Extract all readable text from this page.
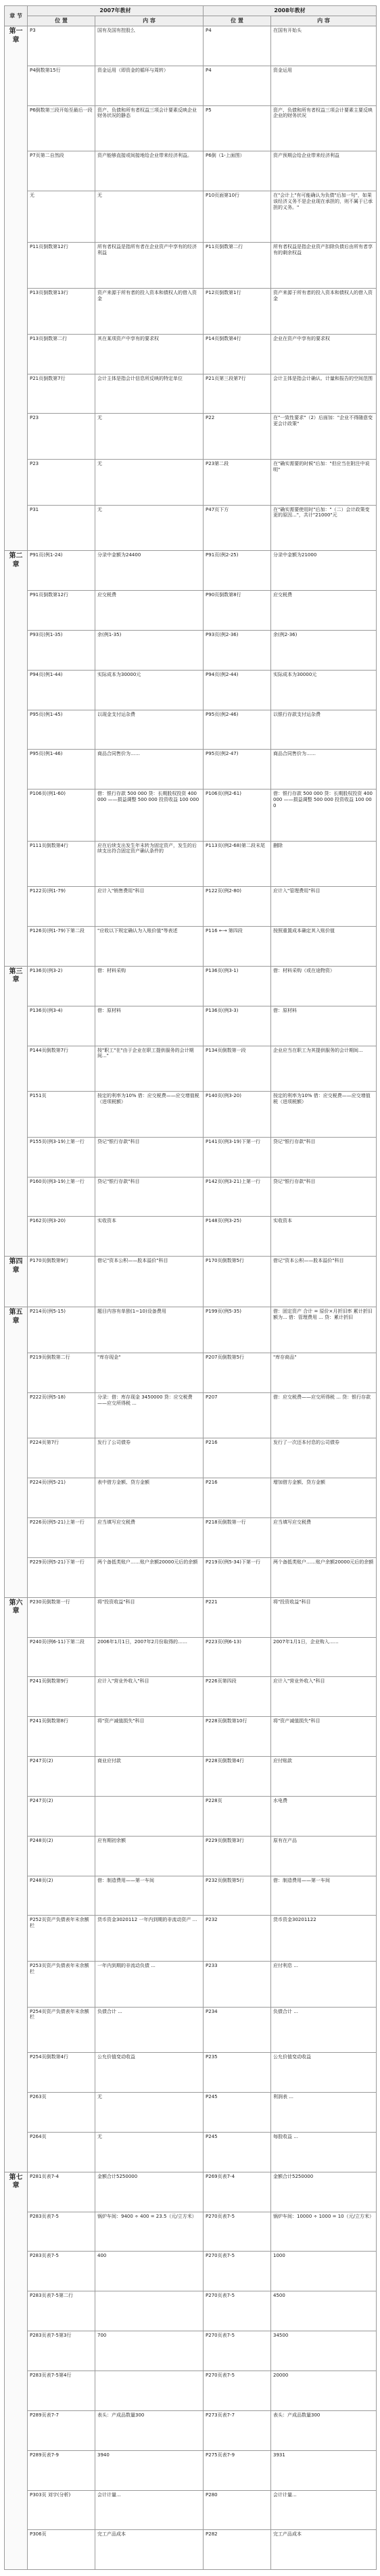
章 节	2007年教材		2008年教材	
	位 置	内 容	位 置	内 容
第一章	P3	国有及国有控股么	P4	在国有开始头
	P4倒数第15行	资金运用（即资金的循环与周转）	P4	资金运用
	P6倒数第三段开始至最后一段	资产、负债和所有者权益三项会计要素反映企业财务状况的静态	P5	资产、负债和所有者权益三项会计要素主要反映企业的财务状况
	P7页第二自然段	资产能够直接或间接地给企业带来经济利益。	P6倒（1-上面图）	资产预期会给企业带来经济利益
	无	无	P10页面第10行	在"会计上"有可能确认为负债"后加一句"，如果该经济义务不是企业现在承担的，则不属于已承担的义务。"
	P11页倒数第12行	所有者权益是指所有者在企业资产中享有的经济利益	P11页倒数第二行	所有者权益是指企业资产扣除负债后由所有者享有的剩余权益
	P13页倒数第13行	资产来源于所有者的投入资本和债权人的借入资金	P12页倒数第1行	资产来源于所有者的投入资本和债权人的借入资金
	P13页倒数第二行	其在某项资产中享有的要求权	P14页倒数第4行	企业在资产中享有的要求权
	P21页倒数第7行	会计主体是指会计信息所反映的特定单位	P21页第三段第7行	会计主体是指会计确认、计量和报告的空间范围
	P23	无	P22	在"一致性要求"（2）后面加："企业不得随意变更会计政策"
	P23	无	P23第二段	在"确实需要的时候"后加："但应当在附注中说明"
	P31	无	P47页下方	在"确实需要使用时"后加："（二）会计政策变更的原因..."，共计"21000"元
第二章	P91页(例1-24)	分录中金额为24400	P91页(例2-25)	分录中金额为21000
	P91页倒数第12行	应交税费	P90页倒数第8行	应交税费
	P93页(例1-35)	余(例1-35)	P93页(例2-36)	余(例2-36)
	P94页(例1-44)	实际成本为30000元	P94页(例2-44)	实际成本为30000元
	P95页(例1-45)	以现金支付运杂费	P95页(例2-46)	以银行存款支付运杂费
	P95页(例1-46)	商品合同售价为……	P95页(例2-47)	商品合同售价为……
	P106页(例1-60)	借：银行存款 500 000 贷：长期股权投资 400 000 ——损益调整 500 000 投资收益 100 000	P106页(例2-61)	借：银行存款 500 000 贷：长期股权投资 400 000 ——损益调整 500 000 投资收益 100 000
	P111页倒数第4行	应在后续支出发生年末转为固定资产，发生的后续支出符合固定资产确认条件的	P113页(例2-68)第二段末尾	删除
	P122页(例1-79)	应计入"销售费用"科目	P122页(例2-80)	应计入"管理费用"科目
	P126页(例1-79)下第二段	"应收以下规定确认为入账价值"等表述	P116 ←→ 第四段	按照重置成本确定其入账价值
第三章	P136页(例3-2)	借：材料采购	P136页(例3-1)	借：材料采购（或在途物资）
	P136页(例3-4)	借：原材料	P136页(例3-3)	借：原材料
	P144页倒数第7行	按"职工"在"由于企业在职工提供服务的会计期间..."	P134页倒数第一段	企业应当在职工为其提供服务的会计期间...
	P151页	按定的利率为10% 借：应交税费——应交增值税（进项税额）	P140页(例3-20)	按定的利率为10% 借：应交税费——应交增值税（进项税额）
	P155页(例3-19)上第一行	贷记"银行存款"科目	P141页(例3-19)下第一行	贷记"银行存款"科目
	P160页(例3-19)上第一行	贷记"银行存款"科目	P142页(例3-21)上第一行	贷记"银行存款"科目
	P162页(例3-20)	实收资本	P148页(例3-25)	实收资本
第四章	P170页倒数第9行	借记"资本公积——股本溢价"科目	P170页倒数第5行	借记"资本公积——股本溢价"科目
第五章	P214页(例5-15)	题目内容有单独(1~10)设备费用	P199页(例5-35)	借：固定资产 合计 = 原价×月折旧率 累计折旧额为... 借：管理费用 ... 贷：累计折旧
	P219页倒数第二行	"库存现金"	P207页倒数第5行	"库存商品"
	P222页(例5-18)	分录：借：库存现金 3450000 贷：应交税费——应交所得税 ...	P207	借：应交税费——应交所得税 ... 贷：银行存款
	P224页第7行	发行了公司债券	P216	发行了一次还本付息的公司债券
	P224页(例5-21)	表中借方金额、贷方金额	P216	增加借方金额、贷方金额
	P226页(例5-21)上第一行	应当填写应交税费	P218页倒数第一行	应当填写应交税费
	P229页(例5-21)下第一行	两个备抵类账户……账户余额20000元后的余额	P219页(例5-34)下第一行	两个备抵类账户……账户余额20000元后的余额
第六章	P230页倒数第一行	将"投资收益"科目	P221	将"投资收益"科目
	P240页(例6-11)下第二段	2006年1月1日，2007年2月份取得的……	P223页(例6-13)	2007年1月1日，企业购入……
	P241页倒数第9行	应计入"营业外收入"科目	P226页第四段	应计入"营业外收入"科目
	P241页倒数第8行	将"资产减值损失"科目	P228页倒数第10行	将"资产减值损失"科目
	P247页(2)	商业应付款	P228页倒数第4行	应付账款
	P247页(2)		P228页	水电费
	P248页(2)	应有期初余额	P229页倒数第3行	原有在产品
	P248页(2)	借：制造费用——第一车间	P232页倒数第5行	借：制造费用——第一车间
	P252页资产负债表年末余额栏	货币资金3020112 一年内到期的非流动资产 ...	P232	货币资金30201122
	P253页资产负债表年末余额栏	一年内到期的非流动负债 ...	P233	应付利息 ...
	P254页资产负债表年末余额栏	负债合计 ...	P234	负债合计 ...
	P254页倒数第4行	公允价值变动收益	P235	公允价值变动收益
	P263页	无	P245	利润表 ...
	P264页	无	P245	每股收益 ...
第七章	P281页表7-4	金额合计5250000	P269页表7-4	金额合计5250000
	P283页表7-5	锅炉车间：9400 ÷ 400 = 23.5（元/立方米）	P270页表7-5	锅炉车间：10000 ÷ 1000 = 10（元/立方米）
	P283页表7-5	400	P270页表7-5	1000
	P283页表7-5第二行		P270页表7-5	4500
	P283页表7-5第3行	700	P270页表7-5	34500
	P283页表7-5第4行		P270页表7-5	20000
	P289页表7-7	表头：产成品数量300	P273页表7-7	表头：产成品数量300
	P289页表7-9	3940	P275页表7-9	3931
	P303页 刘宇(分析)	会计计量...	P280	会计计量...
	P306页	完工产品成本	P282	完工产品成本
